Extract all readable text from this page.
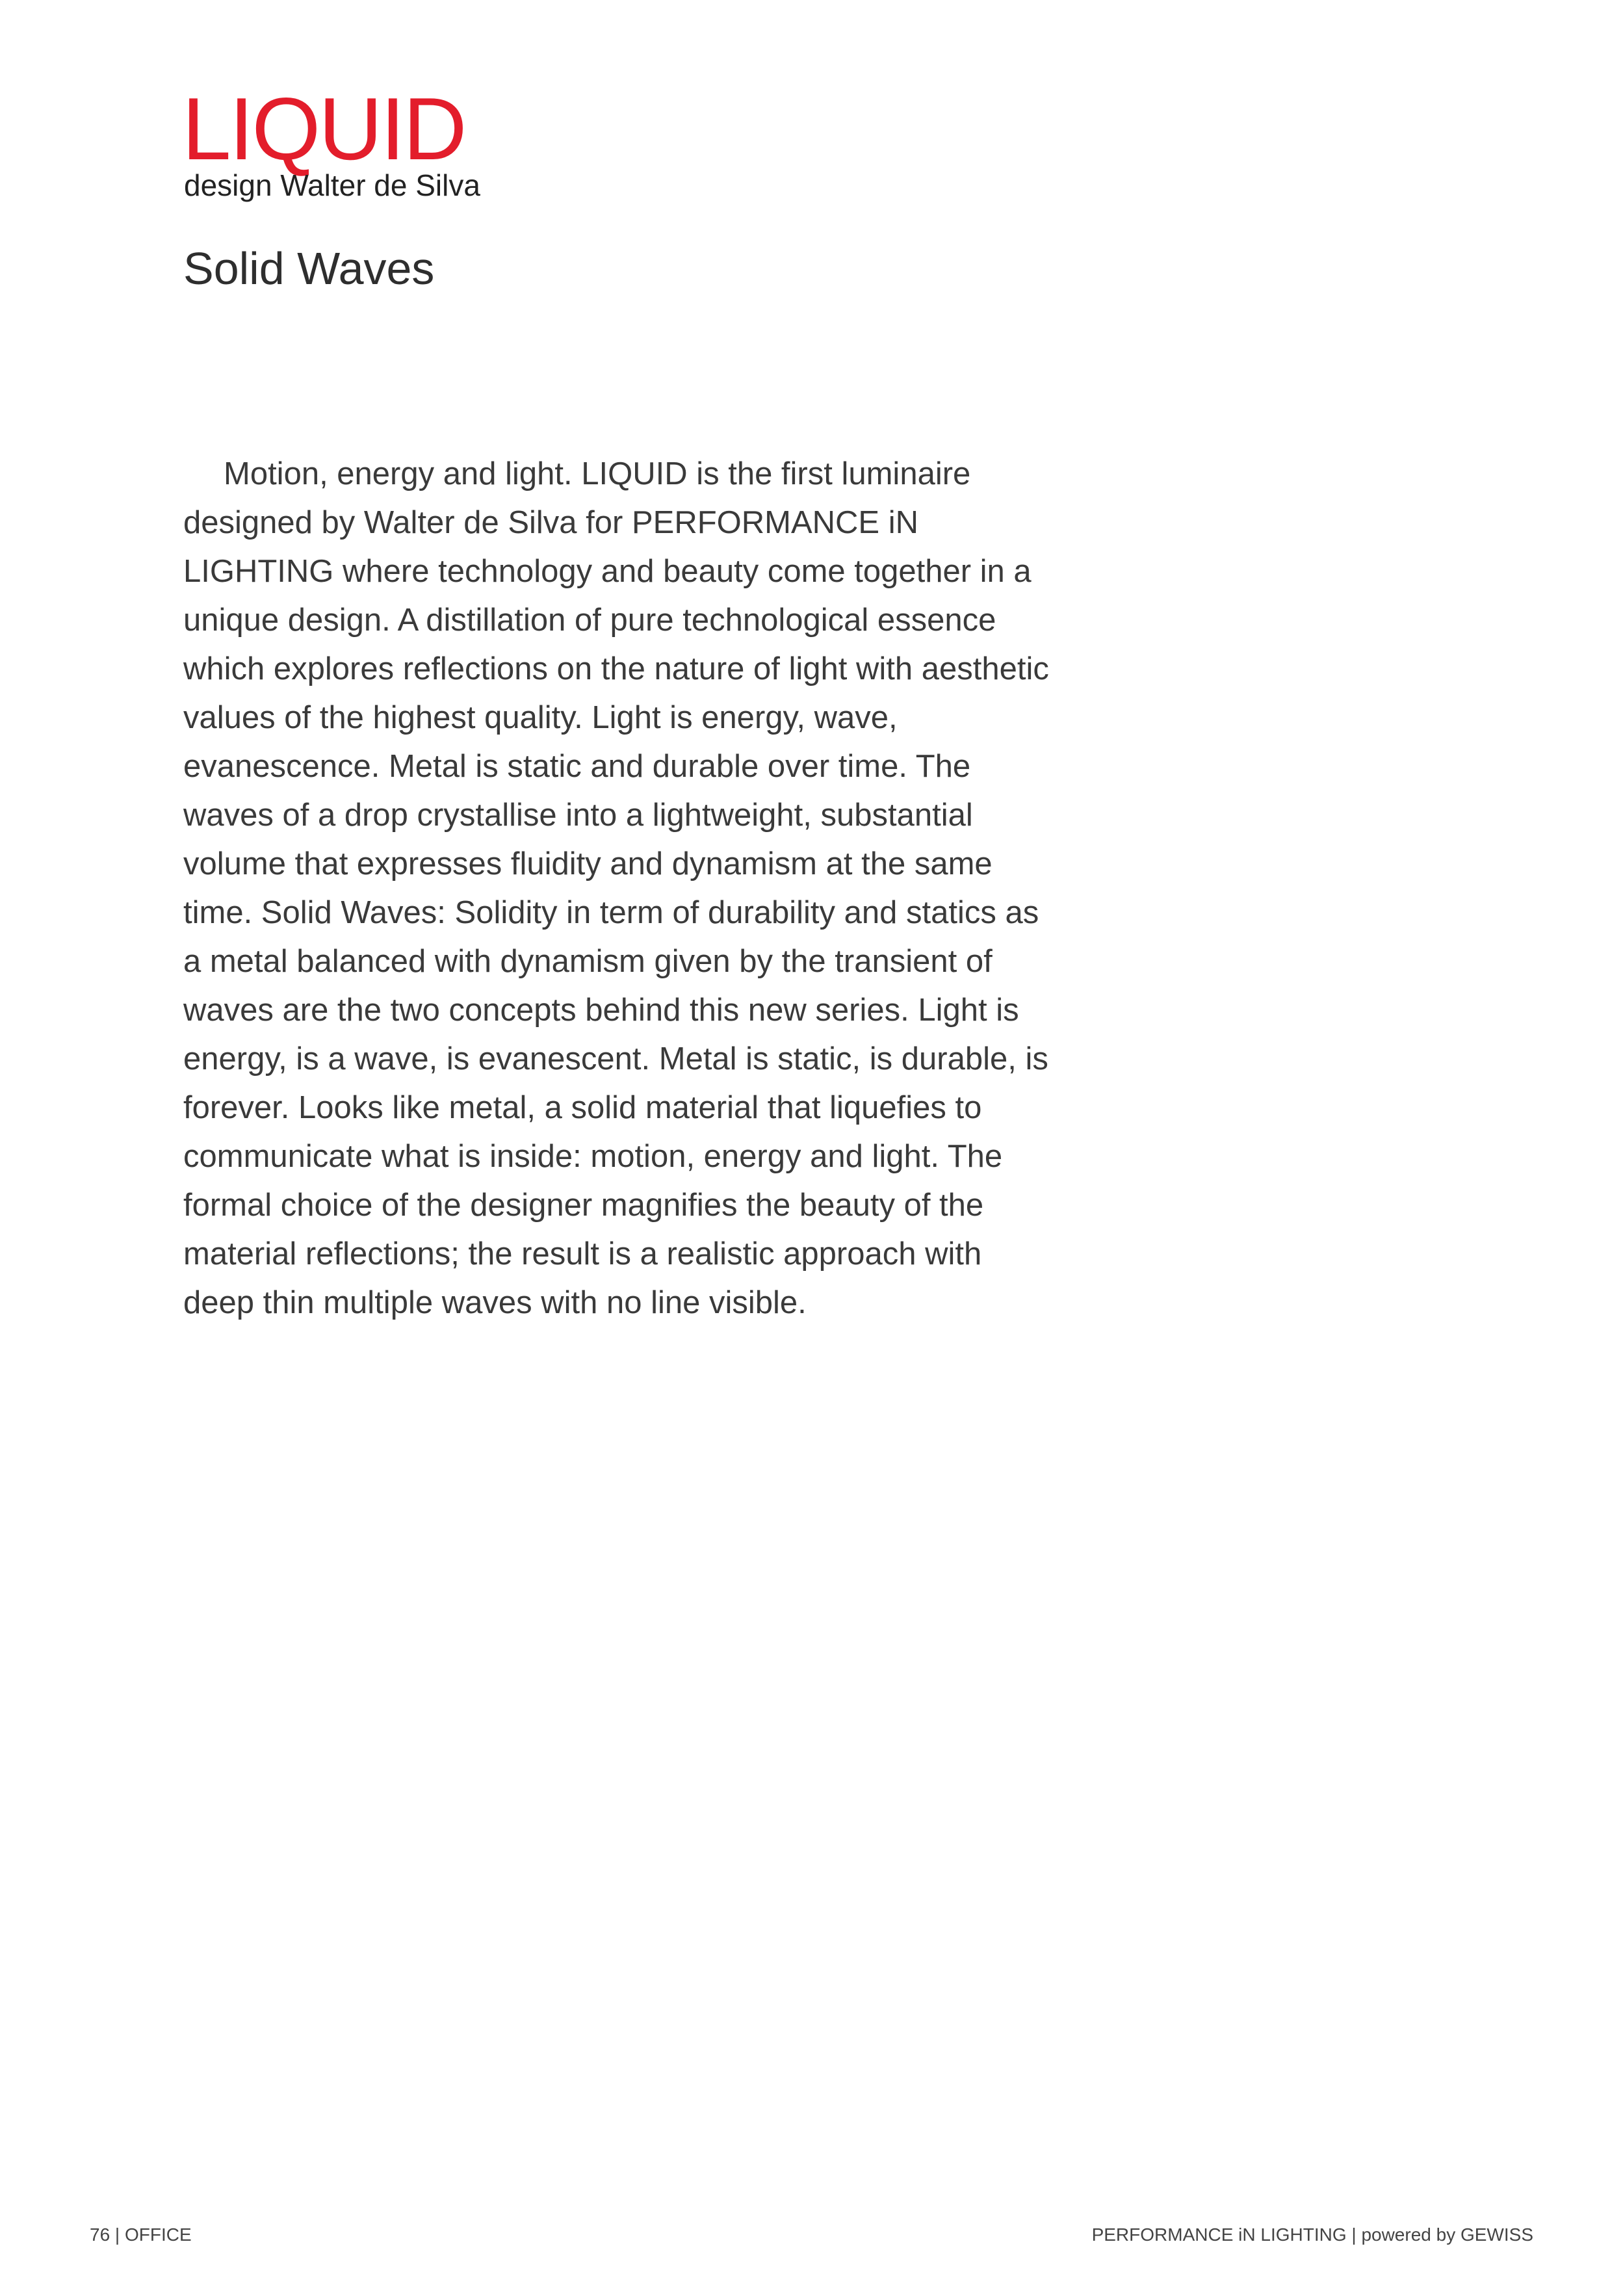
LIQUID

design Walter de Silva

Solid Waves

Motion, energy and light. LIQUID is the first luminaire designed by Walter de Silva for PERFORMANCE iN LIGHTING where technology and beauty come together in a unique design. A distillation of pure technological essence which explores reflections on the nature of light with aesthetic values of the highest quality. Light is energy, wave, evanescence. Metal is static and durable over time. The waves of a drop crystallise into a lightweight, substantial volume that expresses fluidity and dynamism at the same time. Solid Waves: Solidity in term of durability and statics as a metal balanced with dynamism given by the transient of waves are the two concepts behind this new series. Light is energy, is a wave, is evanescent. Metal is static, is durable, is forever. Looks like metal, a solid material that liquefies to communicate what is inside: motion, energy and light. The formal choice of the designer magnifies the beauty of the material reflections; the result is a realistic approach with deep thin multiple waves with no line visible.

76 | OFFICE	PERFORMANCE iN LIGHTING | powered by GEWISS
